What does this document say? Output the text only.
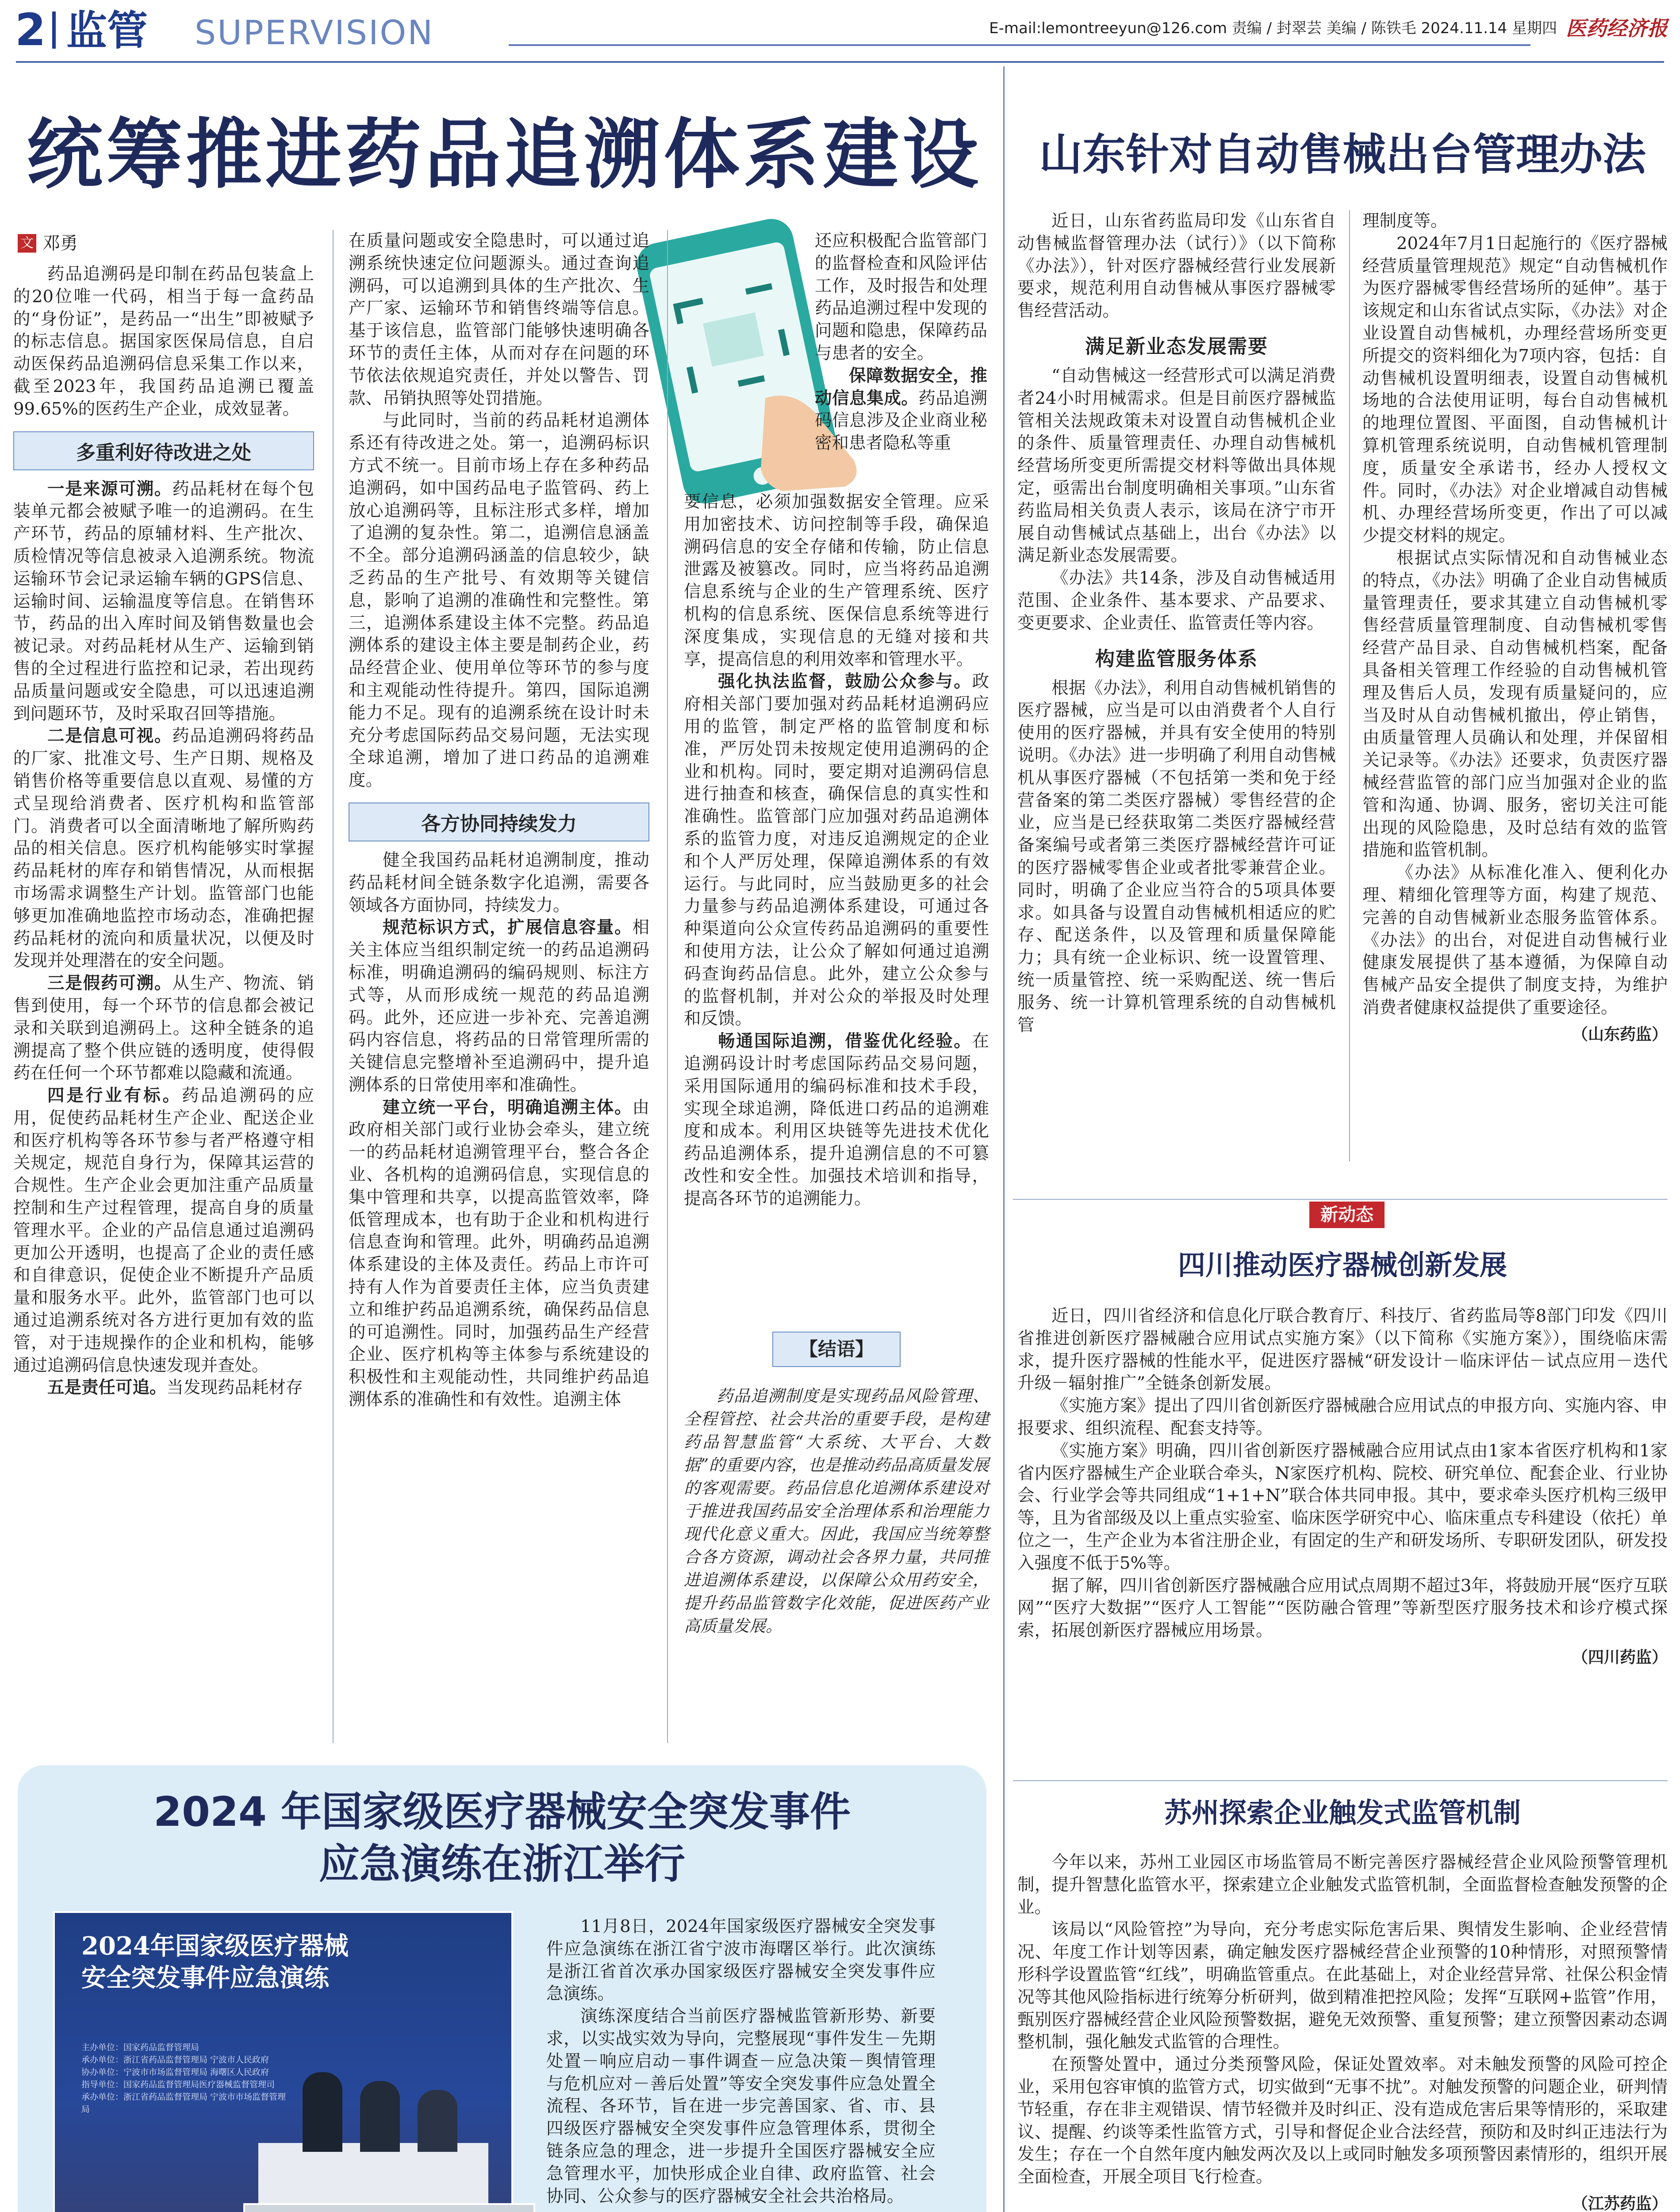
2 监管 SUPERVISION	E-mail:lemontreeyun@126.com 责编 / 封翠芸 美编 / 陈铁毛 2024.11.14 星期四 医药经济报
统筹推进药品追溯体系建设
文 邓勇

药品追溯码是印制在药品包装盒上的20位唯一代码，相当于每一盒药品的“身份证”，是药品一“出生”即被赋予的标志信息。据国家医保局信息，自启动医保药品追溯码信息采集工作以来，截至2023年，我国药品追溯已覆盖99.65%的医药生产企业，成效显著。

多重利好待改进之处

一是来源可溯。药品耗材在每个包装单元都会被赋予唯一的追溯码。在生产环节，药品的原辅材料、生产批次、质检情况等信息被录入追溯系统。物流运输环节会记录运输车辆的GPS信息、运输时间、运输温度等信息。在销售环节，药品的出入库时间及销售数量也会被记录。对药品耗材从生产、运输到销售的全过程进行监控和记录，若出现药品质量问题或安全隐患，可以迅速追溯到问题环节，及时采取召回等措施。

二是信息可视。药品追溯码将药品的厂家、批准文号、生产日期、规格及销售价格等重要信息以直观、易懂的方式呈现给消费者、医疗机构和监管部门。消费者可以全面清晰地了解所购药品的相关信息。医疗机构能够实时掌握药品耗材的库存和销售情况，从而根据市场需求调整生产计划。监管部门也能够更加准确地监控市场动态，准确把握药品耗材的流向和质量状况，以便及时发现并处理潜在的安全问题。

三是假药可溯。从生产、物流、销售到使用，每一个环节的信息都会被记录和关联到追溯码上。这种全链条的追溯提高了整个供应链的透明度，使得假药在任何一个环节都难以隐藏和流通。

四是行业有标。药品追溯码的应用，促使药品耗材生产企业、配送企业和医疗机构等各环节参与者严格遵守相关规定，规范自身行为，保障其运营的合规性。生产企业会更加注重产品质量控制和生产过程管理，提高自身的质量管理水平。企业的产品信息通过追溯码更加公开透明，也提高了企业的责任感和自律意识，促使企业不断提升产品质量和服务水平。此外，监管部门也可以通过追溯系统对各方进行更加有效的监管，对于违规操作的企业和机构，能够通过追溯码信息快速发现并查处。

五是责任可追。当发现药品耗材存

在质量问题或安全隐患时，可以通过追溯系统快速定位问题源头。通过查询追溯码，可以追溯到具体的生产批次、生产厂家、运输环节和销售终端等信息。基于该信息，监管部门能够快速明确各环节的责任主体，从而对存在问题的环节依法依规追究责任，并处以警告、罚款、吊销执照等处罚措施。

与此同时，当前的药品耗材追溯体系还有待改进之处。第一，追溯码标识方式不统一。目前市场上存在多种药品追溯码，如中国药品电子监管码、药上放心追溯码等，且标注形式多样，增加了追溯的复杂性。第二，追溯信息涵盖不全。部分追溯码涵盖的信息较少，缺乏药品的生产批号、有效期等关键信息，影响了追溯的准确性和完整性。第三，追溯体系建设主体不完整。药品追溯体系的建设主体主要是制药企业，药品经营企业、使用单位等环节的参与度和主观能动性待提升。第四，国际追溯能力不足。现有的追溯系统在设计时未充分考虑国际药品交易问题，无法实现全球追溯，增加了进口药品的追溯难度。

各方协同持续发力

健全我国药品耗材追溯制度，推动药品耗材间全链条数字化追溯，需要各领域各方面协同，持续发力。

规范标识方式，扩展信息容量。相关主体应当组织制定统一的药品追溯码标准，明确追溯码的编码规则、标注方式等，从而形成统一规范的药品追溯码。此外，还应进一步补充、完善追溯码内容信息，将药品的日常管理所需的关键信息完整增补至追溯码中，提升追溯体系的日常使用率和准确性。

建立统一平台，明确追溯主体。由政府相关部门或行业协会牵头，建立统一的药品耗材追溯管理平台，整合各企业、各机构的追溯码信息，实现信息的集中管理和共享，以提高监管效率，降低管理成本，也有助于企业和机构进行信息查询和管理。此外，明确药品追溯体系建设的主体及责任。药品上市许可持有人作为首要责任主体，应当负责建立和维护药品追溯系统，确保药品信息的可追溯性。同时，加强药品生产经营企业、医疗机构等主体参与系统建设的积极性和主观能动性，共同维护药品追溯体系的准确性和有效性。追溯主体

还应积极配合监管部门的监督检查和风险评估工作，及时报告和处理药品追溯过程中发现的问题和隐患，保障药品与患者的安全。

保障数据安全，推动信息集成。药品追溯码信息涉及企业商业秘密和患者隐私等重

要信息，必须加强数据安全管理。应采用加密技术、访问控制等手段，确保追溯码信息的安全存储和传输，防止信息泄露及被篡改。同时，应当将药品追溯信息系统与企业的生产管理系统、医疗机构的信息系统、医保信息系统等进行深度集成，实现信息的无缝对接和共享，提高信息的利用效率和管理水平。

强化执法监督，鼓励公众参与。政府相关部门要加强对药品耗材追溯码应用的监管，制定严格的监管制度和标准，严厉处罚未按规定使用追溯码的企业和机构。同时，要定期对追溯码信息进行抽查和核查，确保信息的真实性和准确性。监管部门应加强对药品追溯体系的监管力度，对违反追溯规定的企业和个人严厉处理，保障追溯体系的有效运行。与此同时，应当鼓励更多的社会力量参与药品追溯体系建设，可通过各种渠道向公众宣传药品追溯码的重要性和使用方法，让公众了解如何通过追溯码查询药品信息。此外，建立公众参与的监督机制，并对公众的举报及时处理和反馈。

畅通国际追溯，借鉴优化经验。在追溯码设计时考虑国际药品交易问题，采用国际通用的编码标准和技术手段，实现全球追溯，降低进口药品的追溯难度和成本。利用区块链等先进技术优化药品追溯体系，提升追溯信息的不可篡改性和安全性。加强技术培训和指导，提高各环节的追溯能力。

【结语】

药品追溯制度是实现药品风险管理、全程管控、社会共治的重要手段，是构建药品智慧监管“大系统、大平台、大数据”的重要内容，也是推动药品高质量发展的客观需要。药品信息化追溯体系建设对于推进我国药品安全治理体系和治理能力现代化意义重大。因此，我国应当统筹整合各方资源，调动社会各界力量，共同推进追溯体系建设，以保障公众用药安全，提升药品监管数字化效能，促进医药产业高质量发展。

2024 年国家级医疗器械安全突发事件
应急演练在浙江举行
2024年国家级医疗器械
安全突发事件应急演练
主办单位：国家药品监督管理局
承办单位：浙江省药品监督管理局 宁波市人民政府
协办单位：宁波市市场监督管理局 海曙区人民政府
指导单位：国家药品监督管理局医疗器械监督管理司
承办单位：浙江省药品监督管理局 宁波市市场监督管理局

11月8日，2024年国家级医疗器械安全突发事件应急演练在浙江省宁波市海曙区举行。此次演练是浙江省首次承办国家级医疗器械安全突发事件应急演练。

演练深度结合当前医疗器械监管新形势、新要求，以实战实效为导向，完整展现“事件发生－先期处置－响应启动－事件调查－应急决策－舆情管理与危机应对－善后处置”等安全突发事件应急处置全流程、各环节，旨在进一步完善国家、省、市、县四级医疗器械安全突发事件应急管理体系，贯彻全链条应急的理念，进一步提升全国医疗器械安全应急管理水平，加快形成企业自律、政府监管、社会协同、公众参与的医疗器械安全社会共治格局。

山东针对自动售械出台管理办法

近日，山东省药监局印发《山东省自动售械监督管理办法（试行）》（以下简称《办法》），针对医疗器械经营行业发展新要求，规范利用自动售械从事医疗器械零售经营活动。

满足新业态发展需要

“自动售械这一经营形式可以满足消费者24小时用械需求。但是目前医疗器械监管相关法规政策未对设置自动售械机企业的条件、质量管理责任、办理自动售械机经营场所变更所需提交材料等做出具体规定，亟需出台制度明确相关事项。”山东省药监局相关负责人表示，该局在济宁市开展自动售械试点基础上，出台《办法》以满足新业态发展需要。

《办法》共14条，涉及自动售械适用范围、企业条件、基本要求、产品要求、变更要求、企业责任、监管责任等内容。

构建监管服务体系

根据《办法》，利用自动售械机销售的医疗器械，应当是可以由消费者个人自行使用的医疗器械，并具有安全使用的特别说明。《办法》进一步明确了利用自动售械机从事医疗器械（不包括第一类和免于经营备案的第二类医疗器械）零售经营的企业，应当是已经获取第二类医疗器械经营备案编号或者第三类医疗器械经营许可证的医疗器械零售企业或者批零兼营企业。同时，明确了企业应当符合的5项具体要求。如具备与设置自动售械机相适应的贮存、配送条件，以及管理和质量保障能力；具有统一企业标识、统一设置管理、统一质量管控、统一采购配送、统一售后服务、统一计算机管理系统的自动售械机管

理制度等。

2024年7月1日起施行的《医疗器械经营质量管理规范》规定“自动售械机作为医疗器械零售经营场所的延伸”。基于该规定和山东省试点实际，《办法》对企业设置自动售械机，办理经营场所变更所提交的资料细化为7项内容，包括：自动售械机设置明细表，设置自动售械机场地的合法使用证明，每台自动售械机的地理位置图、平面图，自动售械机计算机管理系统说明，自动售械机管理制度，质量安全承诺书，经办人授权文件。同时，《办法》对企业增减自动售械机、办理经营场所变更，作出了可以减少提交材料的规定。

根据试点实际情况和自动售械业态的特点，《办法》明确了企业自动售械质量管理责任，要求其建立自动售械机零售经营质量管理制度、自动售械机零售经营产品目录、自动售械机档案，配备具备相关管理工作经验的自动售械机管理及售后人员，发现有质量疑问的，应当及时从自动售械机撤出，停止销售，由质量管理人员确认和处理，并保留相关记录等。《办法》还要求，负责医疗器械经营监管的部门应当加强对企业的监管和沟通、协调、服务，密切关注可能出现的风险隐患，及时总结有效的监管措施和监管机制。

《办法》从标准化准入、便利化办理、精细化管理等方面，构建了规范、完善的自动售械新业态服务监管体系。《办法》的出台，对促进自动售械行业健康发展提供了基本遵循，为保障自动售械产品安全提供了制度支持，为维护消费者健康权益提供了重要途径。

（山东药监）
新动态
四川推动医疗器械创新发展

近日，四川省经济和信息化厅联合教育厅、科技厅、省药监局等8部门印发《四川省推进创新医疗器械融合应用试点实施方案》（以下简称《实施方案》），围绕临床需求，提升医疗器械的性能水平，促进医疗器械“研发设计－临床评估－试点应用－迭代升级－辐射推广”全链条创新发展。

《实施方案》提出了四川省创新医疗器械融合应用试点的申报方向、实施内容、申报要求、组织流程、配套支持等。

《实施方案》明确，四川省创新医疗器械融合应用试点由1家本省医疗机构和1家省内医疗器械生产企业联合牵头，N家医疗机构、院校、研究单位、配套企业、行业协会、行业学会等共同组成“1+1+N”联合体共同申报。其中，要求牵头医疗机构三级甲等，且为省部级及以上重点实验室、临床医学研究中心、临床重点专科建设（依托）单位之一，生产企业为本省注册企业，有固定的生产和研发场所、专职研发团队，研发投入强度不低于5%等。

据了解，四川省创新医疗器械融合应用试点周期不超过3年，将鼓励开展“医疗互联网”“医疗大数据”“医疗人工智能”“医防融合管理”等新型医疗服务技术和诊疗模式探索，拓展创新医疗器械应用场景。

（四川药监）
苏州探索企业触发式监管机制

今年以来，苏州工业园区市场监管局不断完善医疗器械经营企业风险预警管理机制，提升智慧化监管水平，探索建立企业触发式监管机制，全面监督检查触发预警的企业。

该局以“风险管控”为导向，充分考虑实际危害后果、舆情发生影响、企业经营情况、年度工作计划等因素，确定触发医疗器械经营企业预警的10种情形，对照预警情形科学设置监管“红线”，明确监管重点。在此基础上，对企业经营异常、社保公积金情况等其他风险指标进行统筹分析研判，做到精准把控风险；发挥“互联网+监管”作用，甄别医疗器械经营企业风险预警数据，避免无效预警、重复预警；建立预警因素动态调整机制，强化触发式监管的合理性。

在预警处置中，通过分类预警风险，保证处置效率。对未触发预警的风险可控企业，采用包容审慎的监管方式，切实做到“无事不扰”。对触发预警的问题企业，研判情节轻重，存在非主观错误、情节轻微并及时纠正、没有造成危害后果等情形的，采取建议、提醒、约谈等柔性监管方式，引导和督促企业合法经营，预防和及时纠正违法行为发生；存在一个自然年度内触发两次及以上或同时触发多项预警因素情形的，组织开展全面检查，开展全项目飞行检查。

（江苏药监）
